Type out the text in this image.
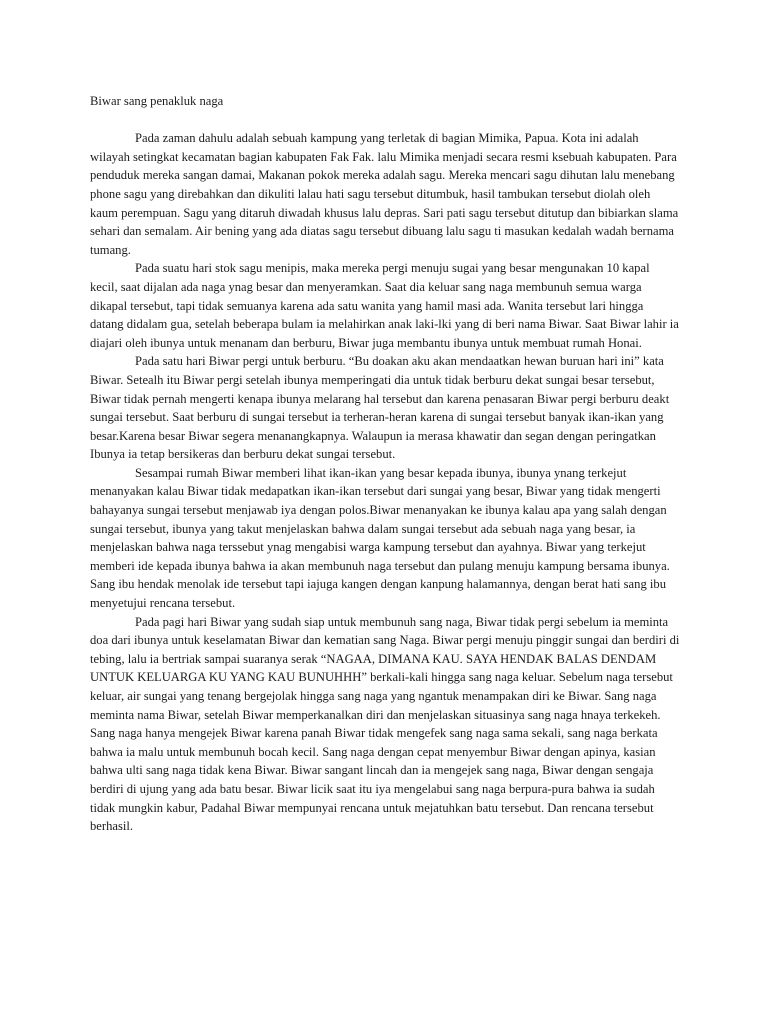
Biwar sang penakluk naga

Pada zaman dahulu adalah sebuah kampung yang terletak di bagian Mimika, Papua. Kota ini adalah wilayah setingkat kecamatan bagian kabupaten Fak Fak. lalu Mimika menjadi secara resmi ksebuah kabupaten. Para penduduk mereka sangan damai, Makanan pokok mereka adalah sagu. Mereka mencari sagu dihutan lalu menebang phone sagu yang direbahkan dan dikuliti lalau hati sagu tersebut ditumbuk, hasil tambukan tersebut diolah oleh kaum perempuan. Sagu yang ditaruh diwadah khusus lalu depras. Sari pati sagu tersebut ditutup dan bibiarkan slama sehari dan semalam. Air bening yang ada diatas sagu tersebut dibuang lalu sagu ti masukan kedalah wadah bernama tumang.

Pada suatu hari stok sagu menipis, maka mereka pergi menuju sugai yang besar mengunakan 10 kapal kecil, saat dijalan ada naga ynag besar dan menyeramkan. Saat dia keluar sang naga membunuh semua warga dikapal tersebut, tapi tidak semuanya karena ada satu wanita yang hamil masi ada. Wanita tersebut lari hingga datang didalam gua, setelah beberapa bulam ia melahirkan anak laki-lki yang di beri nama Biwar. Saat Biwar lahir ia diajari oleh ibunya untuk menanam dan berburu, Biwar juga membantu ibunya untuk membuat rumah Honai.

Pada satu hari Biwar pergi untuk berburu. “Bu doakan aku akan mendaatkan hewan buruan hari ini” kata Biwar. Setealh itu Biwar pergi setelah ibunya memperingati dia untuk tidak berburu dekat sungai besar tersebut, Biwar tidak pernah mengerti kenapa ibunya melarang hal tersebut dan karena penasaran Biwar pergi berburu deakt sungai tersebut. Saat berburu di sungai tersebut ia terheran-heran karena di sungai tersebut banyak ikan-ikan yang besar.Karena besar Biwar segera menanangkapnya. Walaupun ia merasa khawatir dan segan dengan peringatkan Ibunya ia tetap bersikeras dan berburu dekat sungai tersebut.

Sesampai rumah Biwar memberi lihat ikan-ikan yang besar kepada ibunya, ibunya ynang terkejut menanyakan kalau Biwar tidak medapatkan ikan-ikan tersebut dari sungai yang besar, Biwar yang tidak mengerti bahayanya sungai tersebut menjawab iya dengan polos.Biwar menanyakan ke ibunya kalau apa yang salah dengan sungai tersebut, ibunya yang takut menjelaskan bahwa dalam sungai tersebut ada sebuah naga yang besar, ia menjelaskan bahwa naga terssebut ynag mengabisi warga kampung tersebut dan ayahnya. Biwar yang terkejut memberi ide kepada ibunya bahwa ia akan membunuh naga tersebut dan pulang menuju kampung bersama ibunya. Sang ibu hendak menolak ide tersebut tapi iajuga kangen dengan kanpung halamannya, dengan berat hati sang ibu menyetujui rencana tersebut.

Pada pagi hari Biwar yang sudah siap untuk membunuh sang naga, Biwar tidak pergi sebelum ia meminta doa dari ibunya untuk keselamatan Biwar dan kematian sang Naga. Biwar pergi menuju pinggir sungai dan berdiri di tebing, lalu ia bertriak sampai suaranya serak “NAGAA, DIMANA KAU. SAYA HENDAK BALAS DENDAM UNTUK KELUARGA KU YANG KAU BUNUHHH” berkali-kali hingga sang naga keluar. Sebelum naga tersebut keluar, air sungai yang tenang bergejolak hingga sang naga yang ngantuk menampakan diri ke Biwar. Sang naga meminta nama Biwar, setelah Biwar memperkanalkan diri dan menjelaskan situasinya sang naga hnaya terkekeh. Sang naga hanya mengejek Biwar karena panah Biwar tidak mengefek sang naga sama sekali, sang naga berkata bahwa ia malu untuk membunuh bocah kecil. Sang naga dengan cepat menyembur Biwar dengan apinya, kasian bahwa ulti sang naga tidak kena Biwar. Biwar sangant lincah dan ia mengejek sang naga, Biwar dengan sengaja berdiri di ujung yang ada batu besar. Biwar licik saat itu iya mengelabui sang naga berpura-pura bahwa ia sudah tidak mungkin kabur, Padahal Biwar mempunyai rencana untuk mejatuhkan batu tersebut. Dan rencana tersebut berhasil.
